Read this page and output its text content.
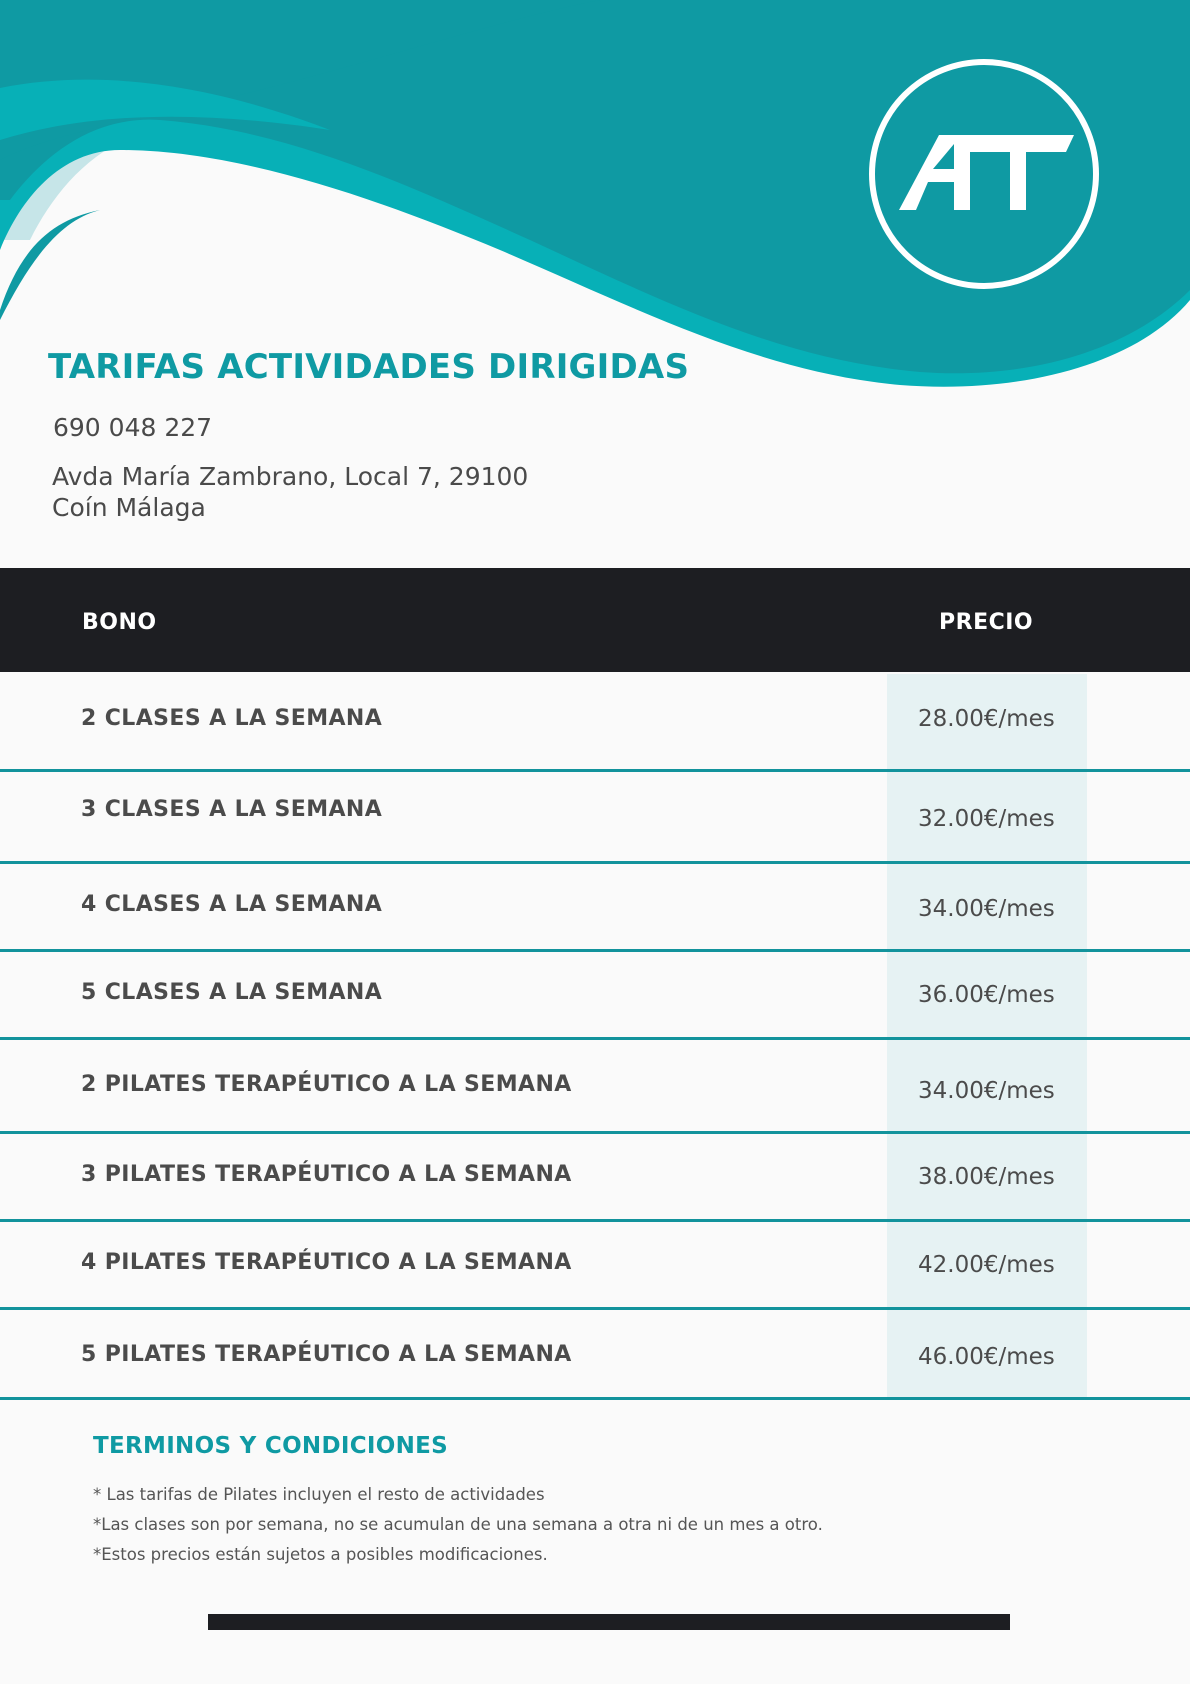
AT
TARIFAS ACTIVIDADES DIRIGIDAS
690 048 227
Avda María Zambrano, Local 7, 29100
Coín Málaga
BONO	PRECIO
2 CLASES A LA SEMANA	28.00€/mes
3 CLASES A LA SEMANA	32.00€/mes
4 CLASES A LA SEMANA	34.00€/mes
5 CLASES A LA SEMANA	36.00€/mes
2 PILATES TERAPÉUTICO A LA SEMANA	34.00€/mes
3 PILATES TERAPÉUTICO A LA SEMANA	38.00€/mes
4 PILATES TERAPÉUTICO A LA SEMANA	42.00€/mes
5 PILATES TERAPÉUTICO A LA SEMANA	46.00€/mes
TERMINOS Y CONDICIONES
* Las tarifas de Pilates incluyen el resto de actividades
*Las clases son por semana, no se acumulan de una semana a otra ni de un mes a otro.
*Estos precios están sujetos a posibles modificaciones.
